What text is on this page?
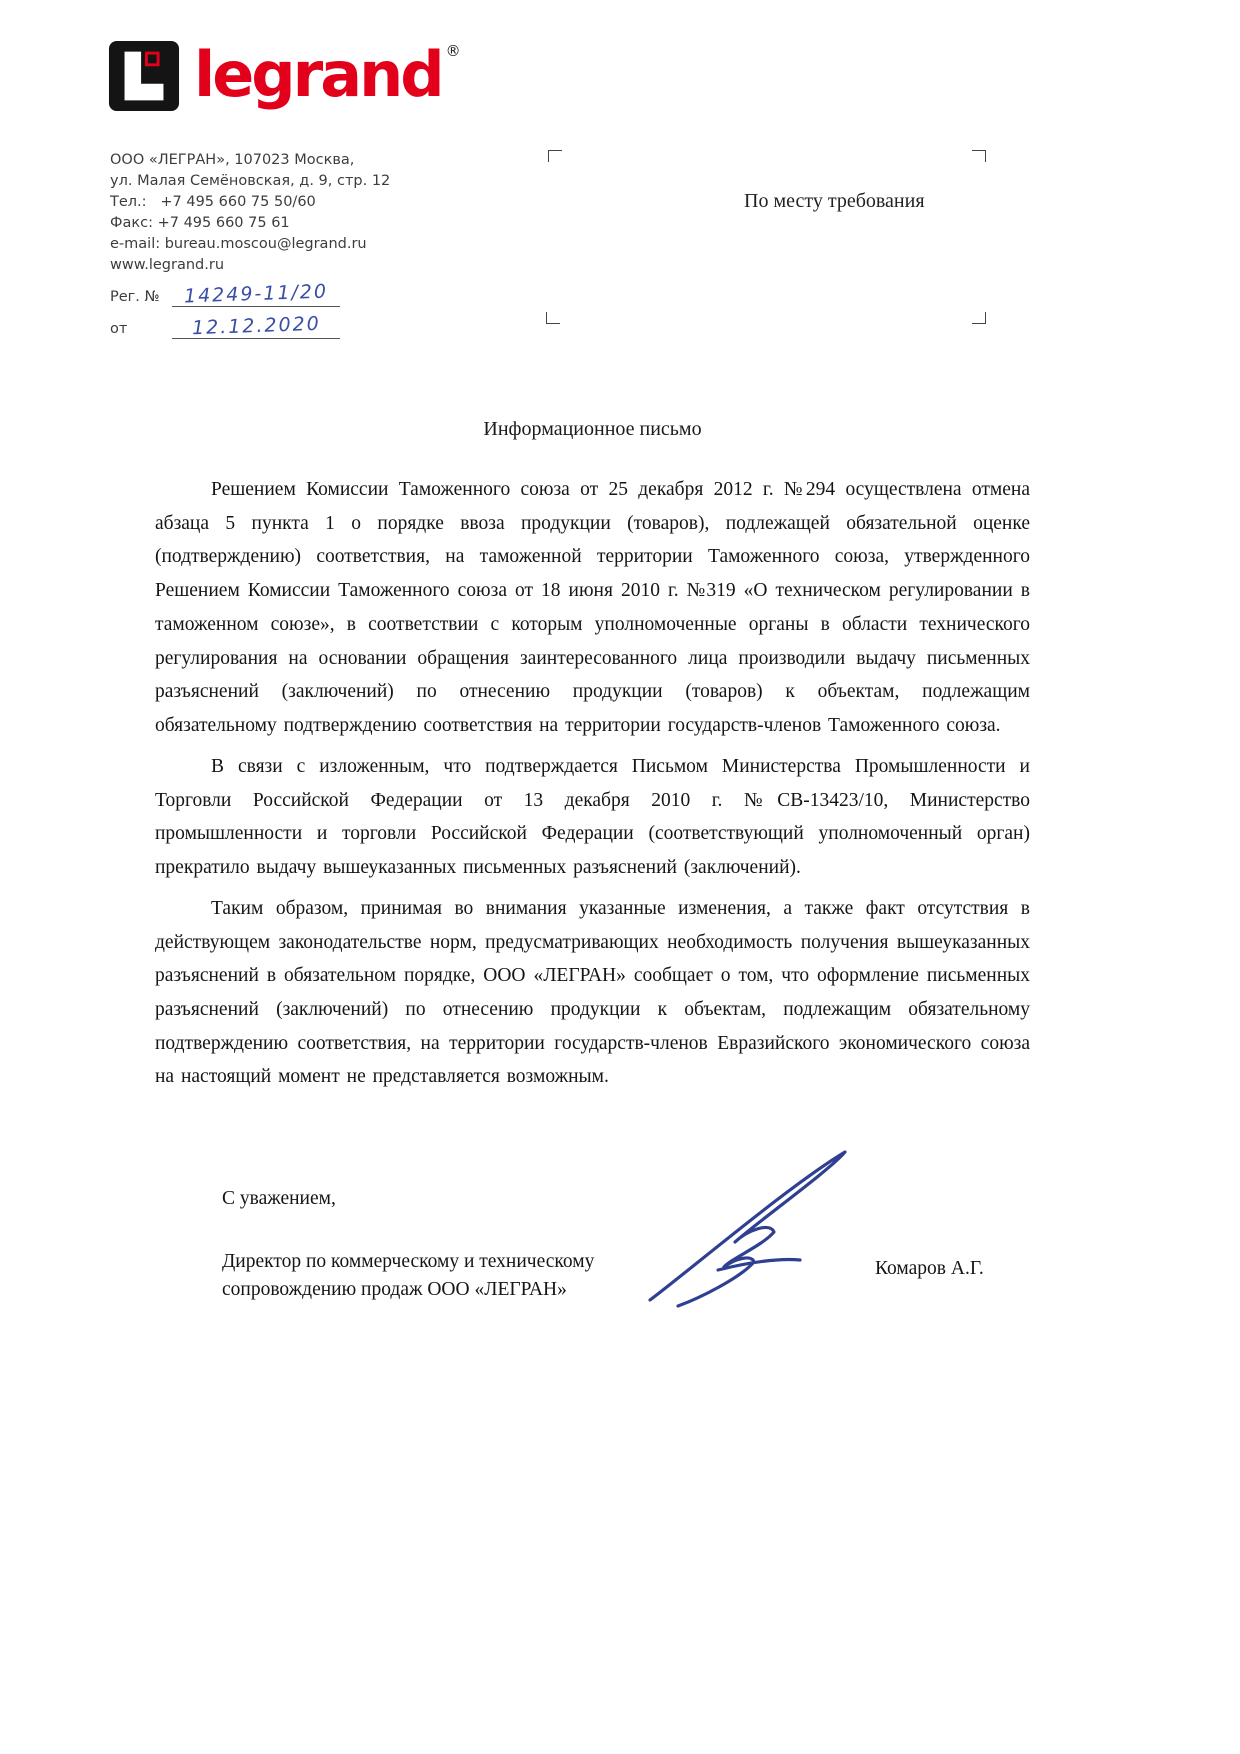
legrand ®
ООО «ЛЕГРАН», 107023 Москва,
ул. Малая Семёновская, д. 9, стр. 12
Тел.:   +7 495 660 75 50/60
Факс: +7 495 660 75 61
e-mail: bureau.moscou@legrand.ru
www.legrand.ru
По месту требования
Рег. №	14249-11/20
от	12.12.2020
Информационное письмо

Решением Комиссии Таможенного союза от 25 декабря 2012 г. №294 осуществлена отмена абзаца 5 пункта 1 о порядке ввоза продукции (товаров), подлежащей обязательной оценке (подтверждению) соответствия, на таможенной территории Таможенного союза, утвержденного Решением Комиссии Таможенного союза от 18 июня 2010 г. №319 «О техническом регулировании в таможенном союзе», в соответствии с которым уполномоченные органы в области технического регулирования на основании обращения заинтересованного лица производили выдачу письменных разъяснений (заключений) по отнесению продукции (товаров) к объектам, подлежащим обязательному подтверждению соответствия на территории государств-членов Таможенного союза.

В связи с изложенным, что подтверждается Письмом Министерства Промышленности и Торговли Российской Федерации от 13 декабря 2010 г. №СВ-13423/10, Министерство промышленности и торговли Российской Федерации (соответствующий уполномоченный орган) прекратило выдачу вышеуказанных письменных разъяснений (заключений).

Таким образом, принимая во внимания указанные изменения, а также факт отсутствия в действующем законодательстве норм, предусматривающих необходимость получения вышеуказанных разъяснений в обязательном порядке, ООО «ЛЕГРАН» сообщает о том, что оформление письменных разъяснений (заключений) по отнесению продукции к объектам, подлежащим обязательному подтверждению соответствия, на территории государств-членов Евразийского экономического союза на настоящий момент не представляется возможным.

С уважением,
Директор по коммерческому и техническому
сопровождению продаж ООО «ЛЕГРАН»
Комаров А.Г.
